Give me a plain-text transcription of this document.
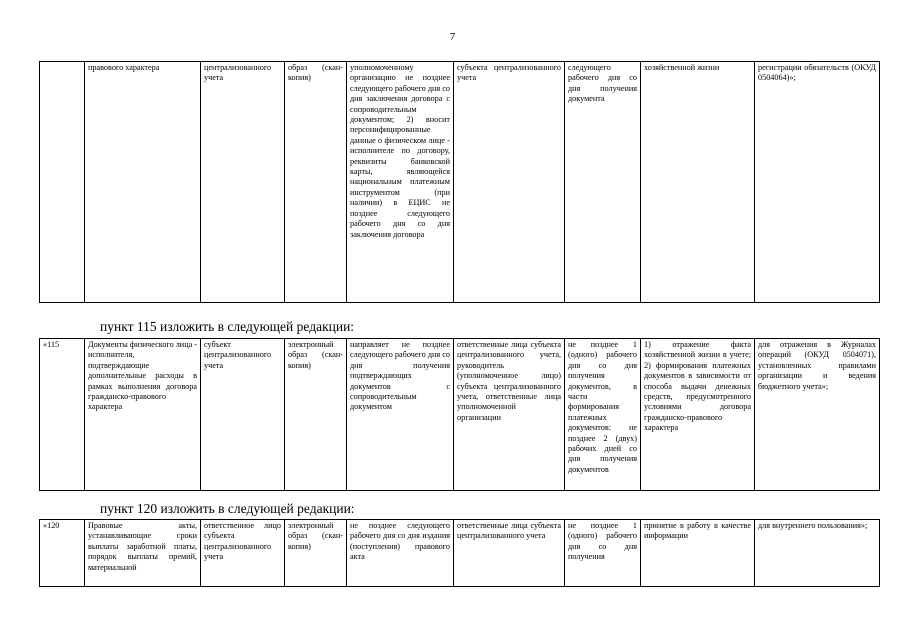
7
	правового характера	централизованного учета	образ (скан-копия)	уполномоченному организацию не позднее следующего рабочего дня со дня заключения договора с сопроводительным документом; 2) вносит персонифицированные данные о физическом лице - исполнителе по договору, реквизиты банковской карты, являющейся национальным платежным инструментом (при наличии) в ЕЦИС не позднее следующего рабочего дня со дня заключения договора	субъекта централизованного учета	следующего рабочего дня со дня получения документа	хозяйственной жизни	регистрации обязательств (ОКУД 0504064)»;
пункт 115 изложить в следующей редакции:
«115	Документы физического лица - исполнителя, подтверждающие дополнительные расходы в рамках выполнения договора гражданско-правового характера	субъект централизованного учета	электронный образ (скан-копия)	направляет не позднее следующего рабочего дня со дня получения подтверждающих документов с сопроводительным документом	ответственные лица субъекта централизованного учета, руководитель (уполномоченное лицо) субъекта централизованного учета, ответственные лица уполномоченной организации	не позднее 1 (одного) рабочего дня со дня получения документов, в части формирования платежных документов: не позднее 2 (двух) рабочих дней со дня получения документов	1) отражение факта хозяйственной жизни в учете; 2) формирования платежных документов в зависимости от способа выдачи денежных средств, предусмотренного условиями договора гражданско-правового характера	для отражения в Журналах операций (ОКУД 0504071), установленных правилами организации и ведения бюджетного учета»;
пункт 120 изложить в следующей редакции:
«120	Правовые акты, устанавливающие сроки выплаты заработной платы, порядок выплаты премий, материальной	ответственное лицо субъекта централизованного учета	электронный образ (скан-копия)	не позднее следующего рабочего дня со дня издания (поступления) правового акта	ответственные лица субъекта централизованного учета	не позднее 1 (одного) рабочего дня со дня получения	принятие в работу в качестве информации	для внутреннего пользования»;
